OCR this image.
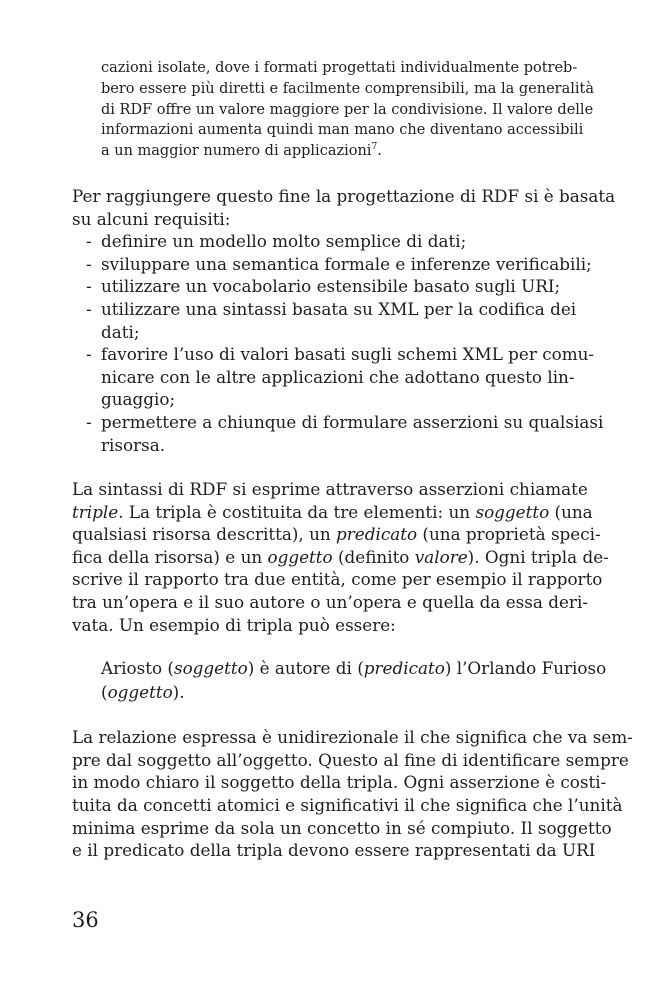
cazioni isolate, dove i formati progettati individualmente potreb-
bero essere più diretti e facilmente comprensibili, ma la generalità
di RDF offre un valore maggiore per la condivisione. Il valore delle
informazioni aumenta quindi man mano che diventano accessibili
a un maggior numero di applicazioni$^7$.
Per raggiungere questo fine la progettazione di RDF si è basata
su alcuni requisiti:
- definire un modello molto semplice di dati;
- sviluppare una semantica formale e inferenze verificabili;
- utilizzare un vocabolario estensibile basato sugli URI;
- utilizzare una sintassi basata su XML per la codifica dei
dati;
- favorire l’uso di valori basati sugli schemi XML per comu-
nicare con le altre applicazioni che adottano questo lin-
guaggio;
- permettere a chiunque di formulare asserzioni su qualsiasi
risorsa.
La sintassi di RDF si esprime attraverso asserzioni chiamate
triple. La tripla è costituita da tre elementi: un soggetto (una
qualsiasi risorsa descritta), un predicato (una proprietà speci-
fica della risorsa) e un oggetto (definito valore). Ogni tripla de-
scrive il rapporto tra due entità, come per esempio il rapporto
tra un’opera e il suo autore o un’opera e quella da essa deri-
vata. Un esempio di tripla può essere:
Ariosto (soggetto) è autore di (predicato) l’Orlando Furioso
(oggetto).
La relazione espressa è unidirezionale il che significa che va sem-
pre dal soggetto all’oggetto. Questo al fine di identificare sempre
in modo chiaro il soggetto della tripla. Ogni asserzione è costi-
tuita da concetti atomici e significativi il che significa che l’unità
minima esprime da sola un concetto in sé compiuto. Il soggetto
e il predicato della tripla devono essere rappresentati da URI
36
